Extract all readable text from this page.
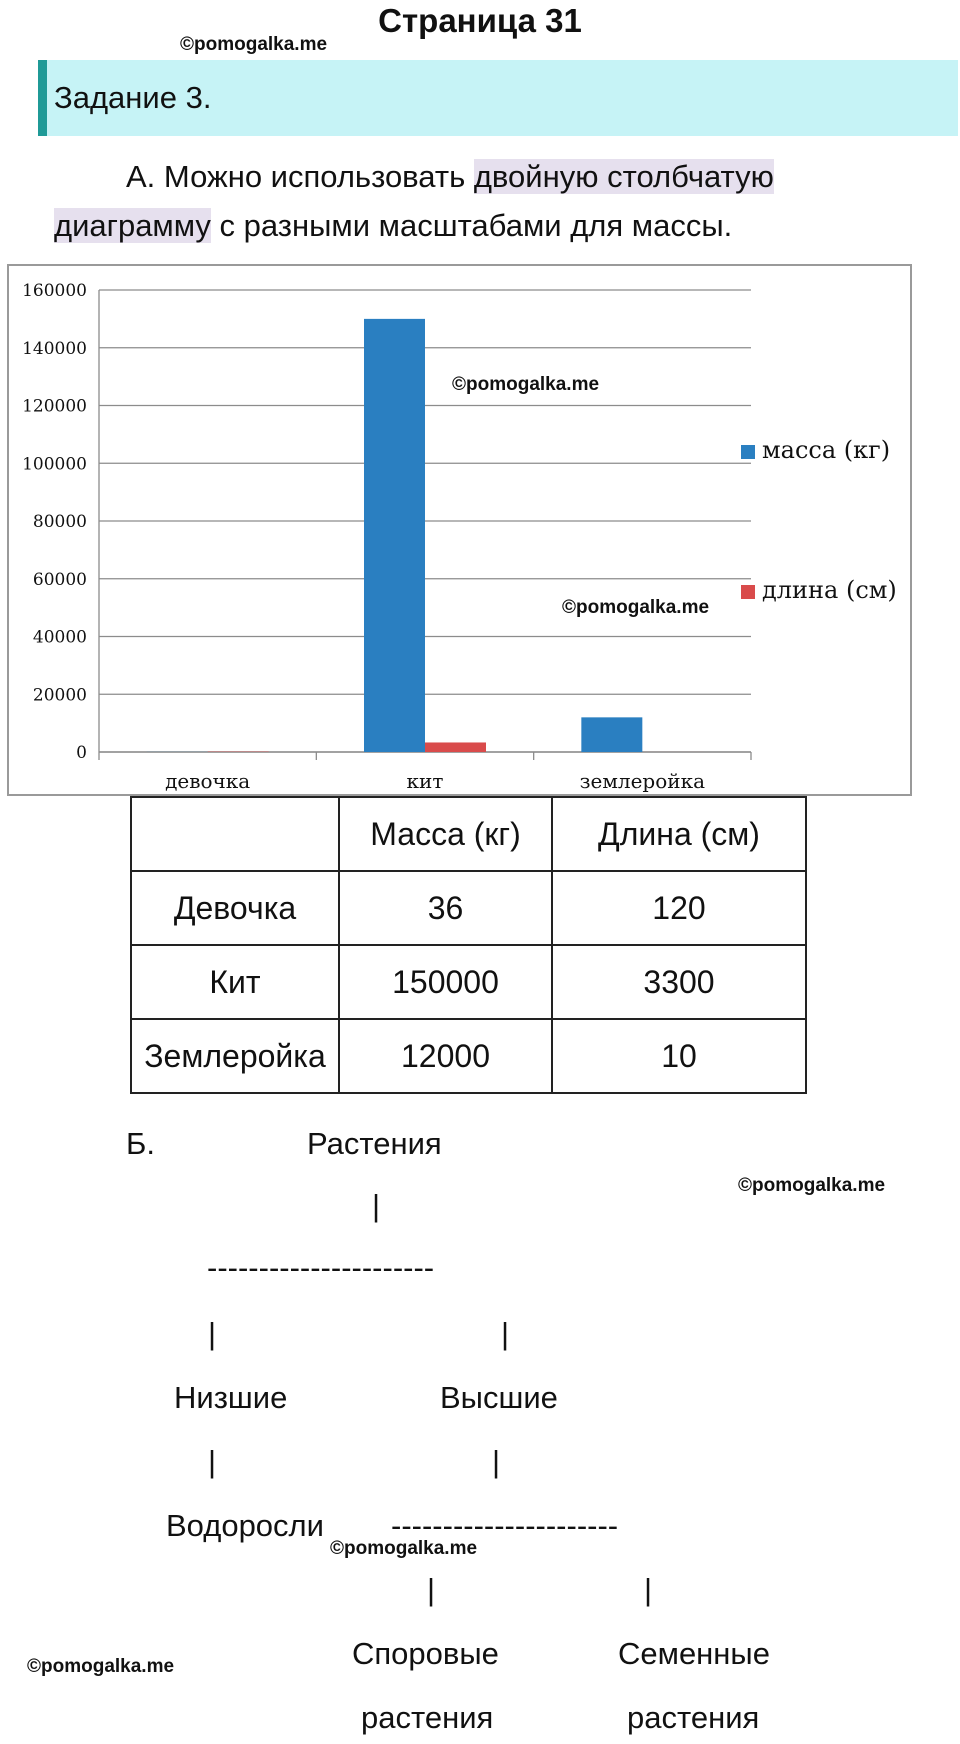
Страница 31
©pomogalka.me
Задание 3.
А. Можно использовать двойную столбчатую диаграмму с разными масштабами для массы.
0
20000
40000
60000
80000
100000
120000
140000
160000
девочка	кит	землеройка
масса (кг)
длина (см)
©pomogalka.me
©pomogalka.me
	Масса (кг)	Длина (см)
Девочка	36	120
Кит	150000	3300
Землеройка	12000	10
Б.	Растения
©pomogalka.me
|
----------------------
|	|
Низшие	Высшие
|	|
Водоросли ----------------------
©pomogalka.me
|	|
Споровые	Семенные
растения	растения
©pomogalka.me
